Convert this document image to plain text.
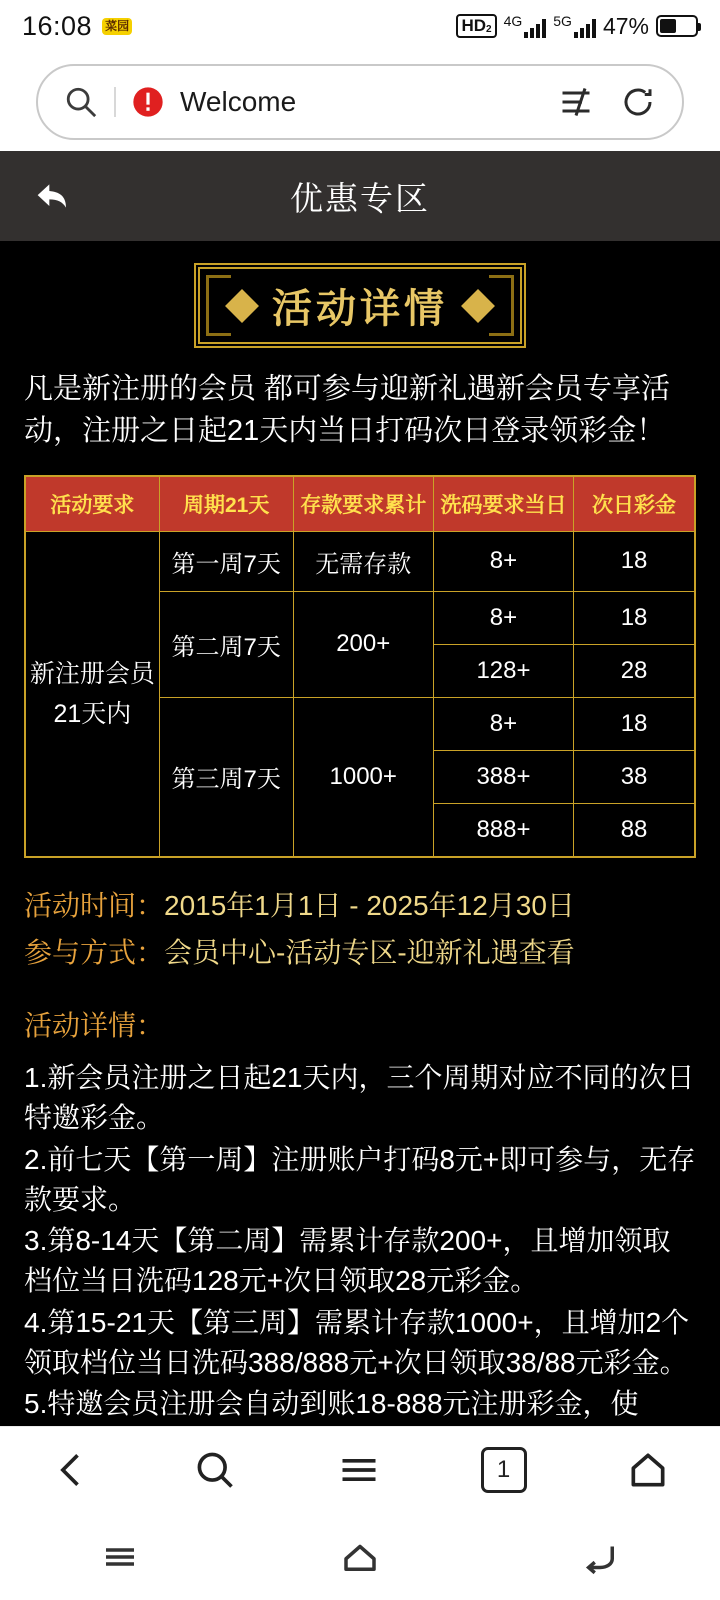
16:08 菜园	$HD_2$
4G 5G 47%
Welcome
优惠专区
活动详情
凡是新注册的会员 都可参与迎新礼遇新会员专享活动，注册之日起21天内当日打码次日登录领彩金！
活动要求	周期21天	存款要求累计	洗码要求当日	次日彩金
新注册会员 21天内	第一周7天	无需存款	8+	18
	第二周7天	200+	8+	18
			128+	28
	第三周7天	1000+	8+	18
			388+	38
			888+	88
活动时间：2015年1月1日 - 2025年12月30日
参与方式：会员中心-活动专区-迎新礼遇查看
活动详情：
1.新会员注册之日起21天内，三个周期对应不同的次日特邀彩金。
2.前七天【第一周】注册账户打码8元+即可参与，无存款要求。
3.第8-14天【第二周】需累计存款200+，且增加领取档位当日洗码128元+次日领取28元彩金。
4.第15-21天【第三周】需累计存款1000+，且增加2个领取档位当日洗码388/888元+次日领取38/88元彩金。
5.特邀会员注册会自动到账18-888元注册彩金，使
1
